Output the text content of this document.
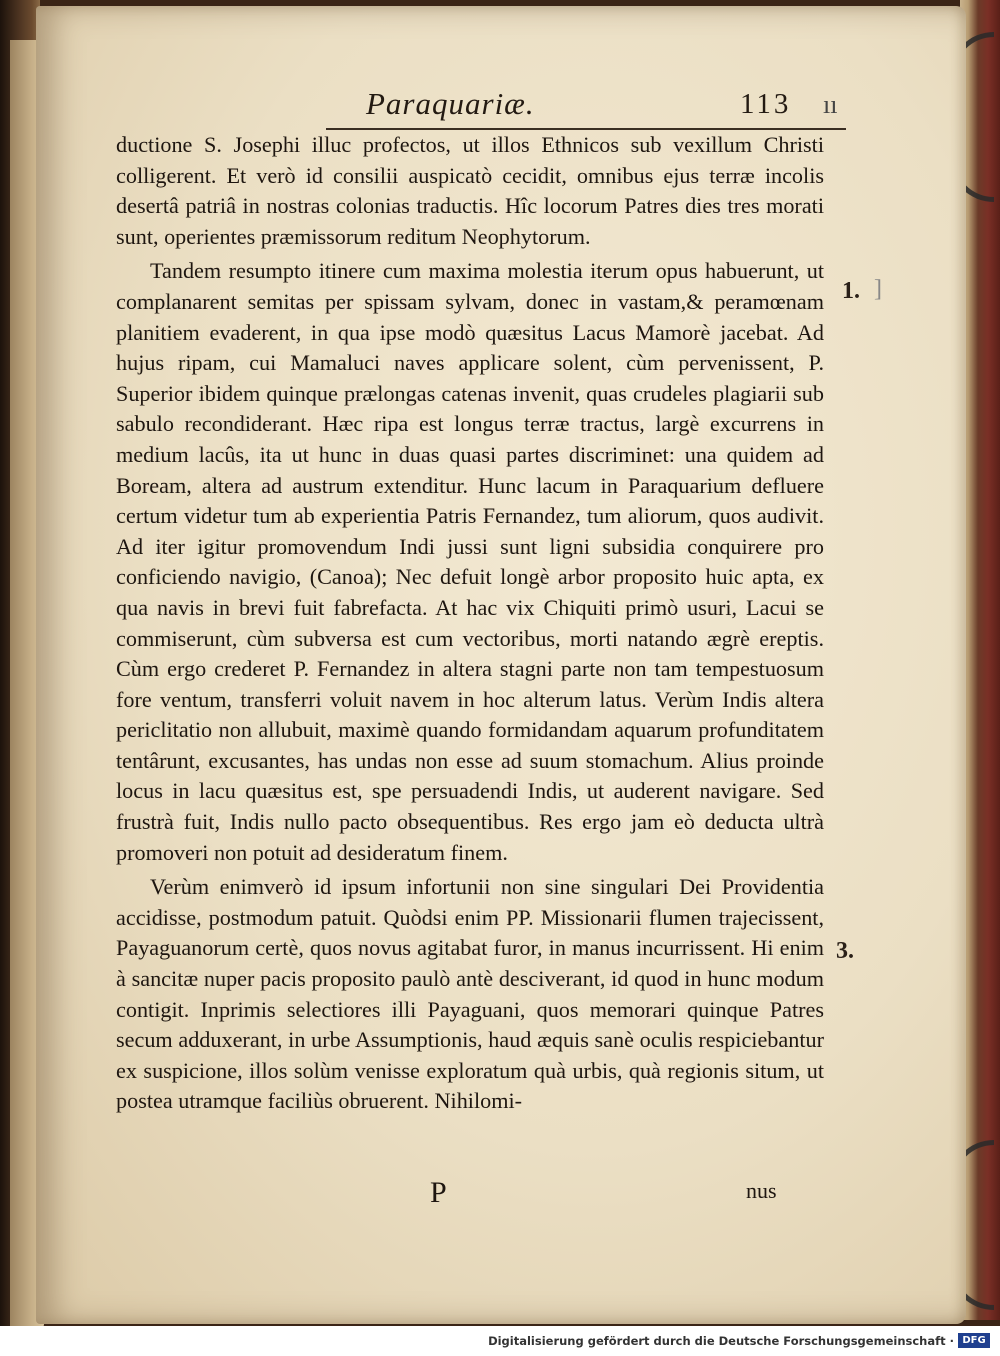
Paraquariæ.	113 ıı

ductione S. Josephi illuc profectos, ut illos Ethnicos sub vexillum Christi colligerent. Et verò id consilii auspicatò cecidit, omnibus ejus terræ incolis desertâ patriâ in nostras colonias traductis. Hîc locorum Patres dies tres morati sunt, operientes præmissorum reditum Neophytorum.

Tandem resumpto itinere cum maxima molestia iterum opus habuerunt, ut complanarent semitas per spissam sylvam, donec in vastam,& peramœnam planitiem evaderent, in qua ipse modò quæsitus Lacus Mamorè jacebat. Ad hujus ripam, cui Mamaluci naves applicare solent, cùm pervenissent, P. Superior ibidem quinque prælongas catenas invenit, quas crudeles plagiarii sub sabulo recondiderant. Hæc ripa est longus terræ tractus, largè excurrens in medium lacûs, ita ut hunc in duas quasi partes discriminet: una quidem ad Boream, altera ad austrum extenditur. Hunc lacum in Paraquarium defluere certum videtur tum ab experientia Patris Fernandez, tum aliorum, quos audivit. Ad iter igitur promovendum Indi jussi sunt ligni subsidia conquirere pro conficiendo navigio, (Canoa); Nec defuit longè arbor proposito huic apta, ex qua navis in brevi fuit fabrefacta. At hac vix Chiquiti primò usuri, Lacui se commiserunt, cùm subversa est cum vectoribus, morti natando ægrè ereptis. Cùm ergo crederet P. Fernandez in altera stagni parte non tam tempestuosum fore ventum, transferri voluit navem in hoc alterum latus. Verùm Indis altera periclitatio non allubuit, maximè quando formidandam aquarum profunditatem tentârunt, excusantes, has undas non esse ad suum stomachum. Alius proinde locus in lacu quæsitus est, spe persuadendi Indis, ut auderent navigare. Sed frustrà fuit, Indis nullo pacto obsequentibus. Res ergo jam eò deducta ultrà promoveri non potuit ad desideratum finem.

Verùm enimverò id ipsum infortunii non sine singulari Dei Providentia accidisse, postmodum patuit. Quòdsi enim PP. Missionarii flumen trajecissent, Payaguanorum certè, quos novus agitabat furor, in manus incurrissent. Hi enim à sancitæ nuper pacis proposito paulò antè desciverant, id quod in hunc modum contigit. Inprimis selectiores illi Payaguani, quos memorari quinque Patres secum adduxerant, in urbe Assumptionis, haud æquis sanè oculis respiciebantur ex suspicione, illos solùm venisse exploratum quà urbis, quà regionis situm, ut postea utramque faciliùs obruerent. Nihilomi-

1. ]
3.
P	nus
Digitalisierung gefördert durch die Deutsche Forschungsgemeinschaft · DFG
